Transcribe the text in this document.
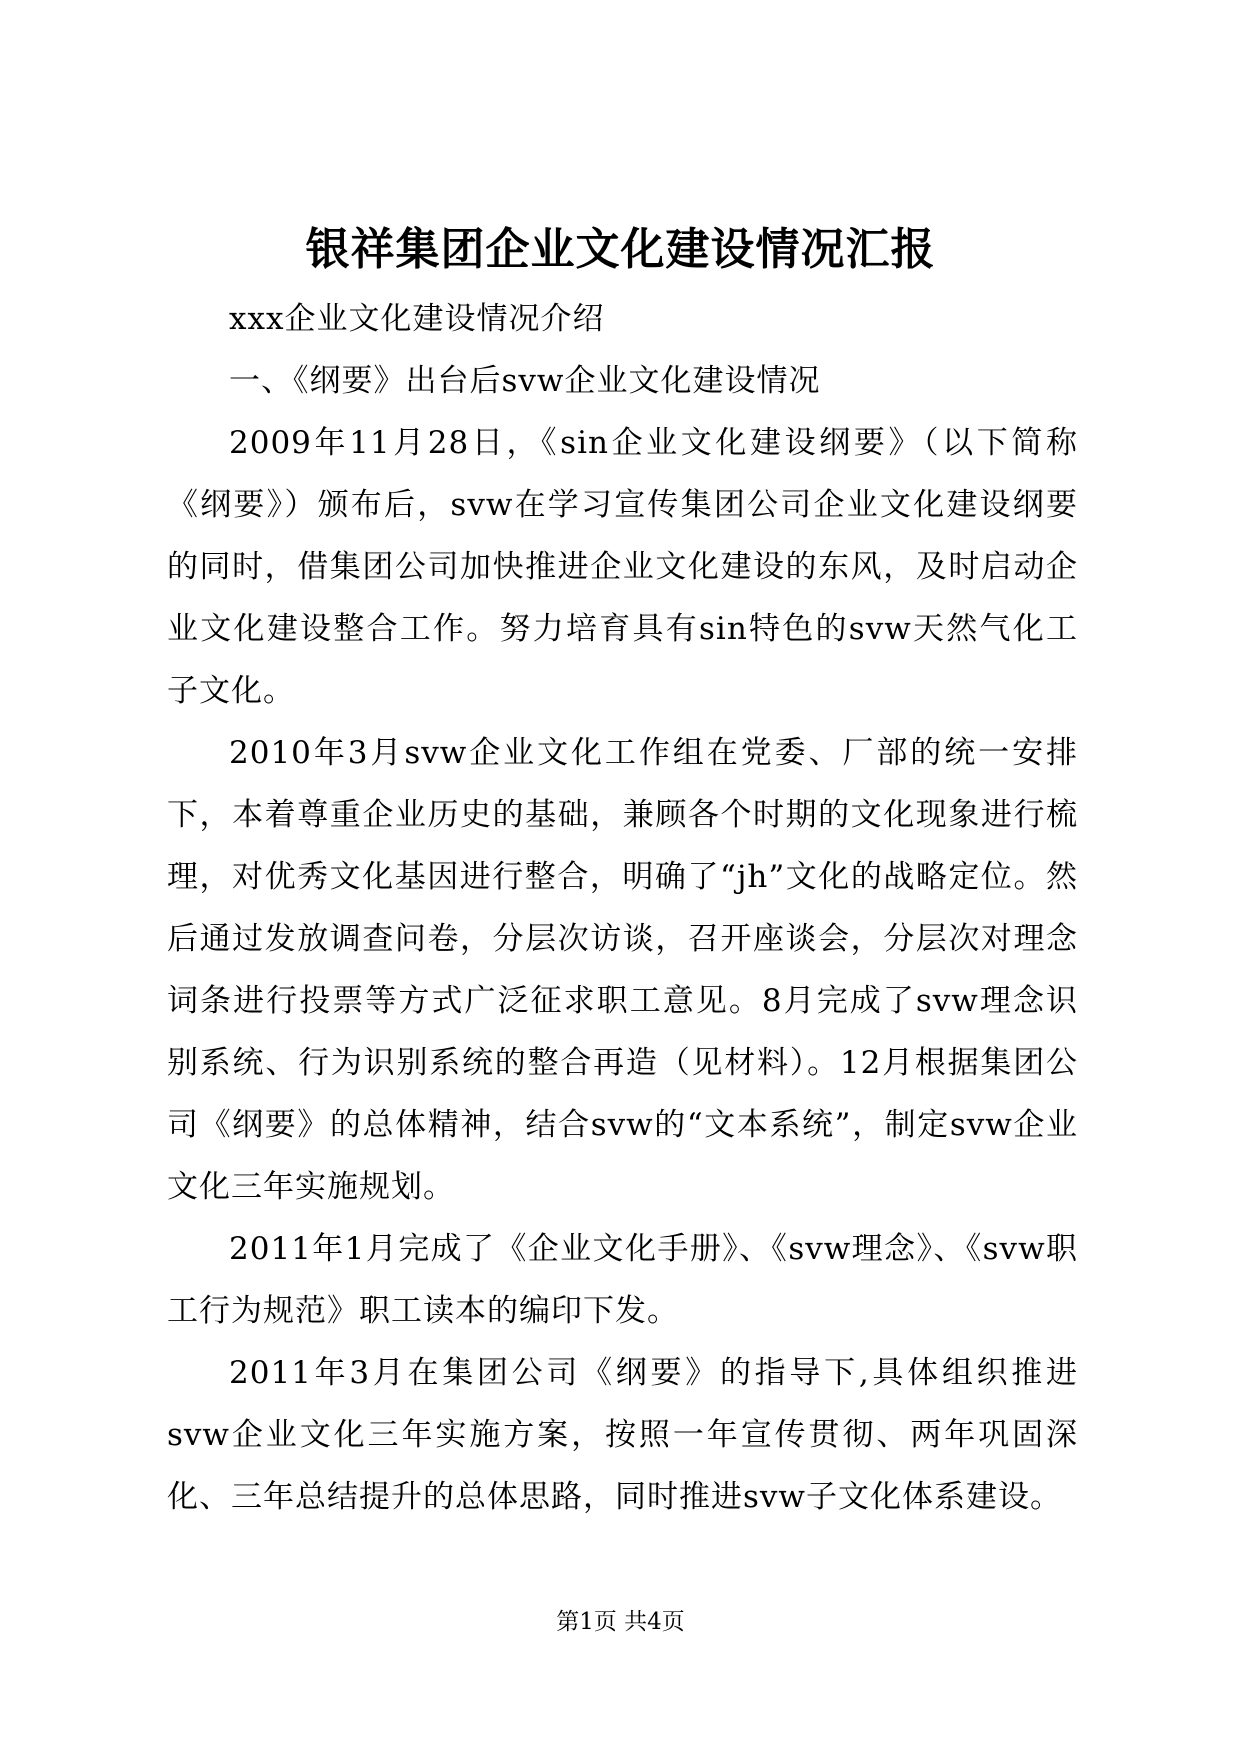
银祥集团企业文化建设情况汇报

xxx企业文化建设情况介绍

一、《纲要》出台后svw企业文化建设情况

2009年11月28日，《sin企业文化建设纲要》（以下简称《纲要》）颁布后，svw在学习宣传集团公司企业文化建设纲要的同时，借集团公司加快推进企业文化建设的东风，及时启动企业文化建设整合工作。努力培育具有sin特色的svw天然气化工子文化。

2010年3月svw企业文化工作组在党委、厂部的统一安排下，本着尊重企业历史的基础，兼顾各个时期的文化现象进行梳理，对优秀文化基因进行整合，明确了“jh”文化的战略定位。然后通过发放调查问卷，分层次访谈，召开座谈会，分层次对理念词条进行投票等方式广泛征求职工意见。8月完成了svw理念识别系统、行为识别系统的整合再造（见材料）。12月根据集团公司《纲要》的总体精神，结合svw的“文本系统”，制定svw企业文化三年实施规划。

2011年1月完成了《企业文化手册》、《svw理念》、《svw职工行为规范》职工读本的编印下发。

2011年3月在集团公司《纲要》的指导下,具体组织推进svw企业文化三年实施方案，按照一年宣传贯彻、两年巩固深化、三年总结提升的总体思路，同时推进svw子文化体系建设。

第1页 共4页
